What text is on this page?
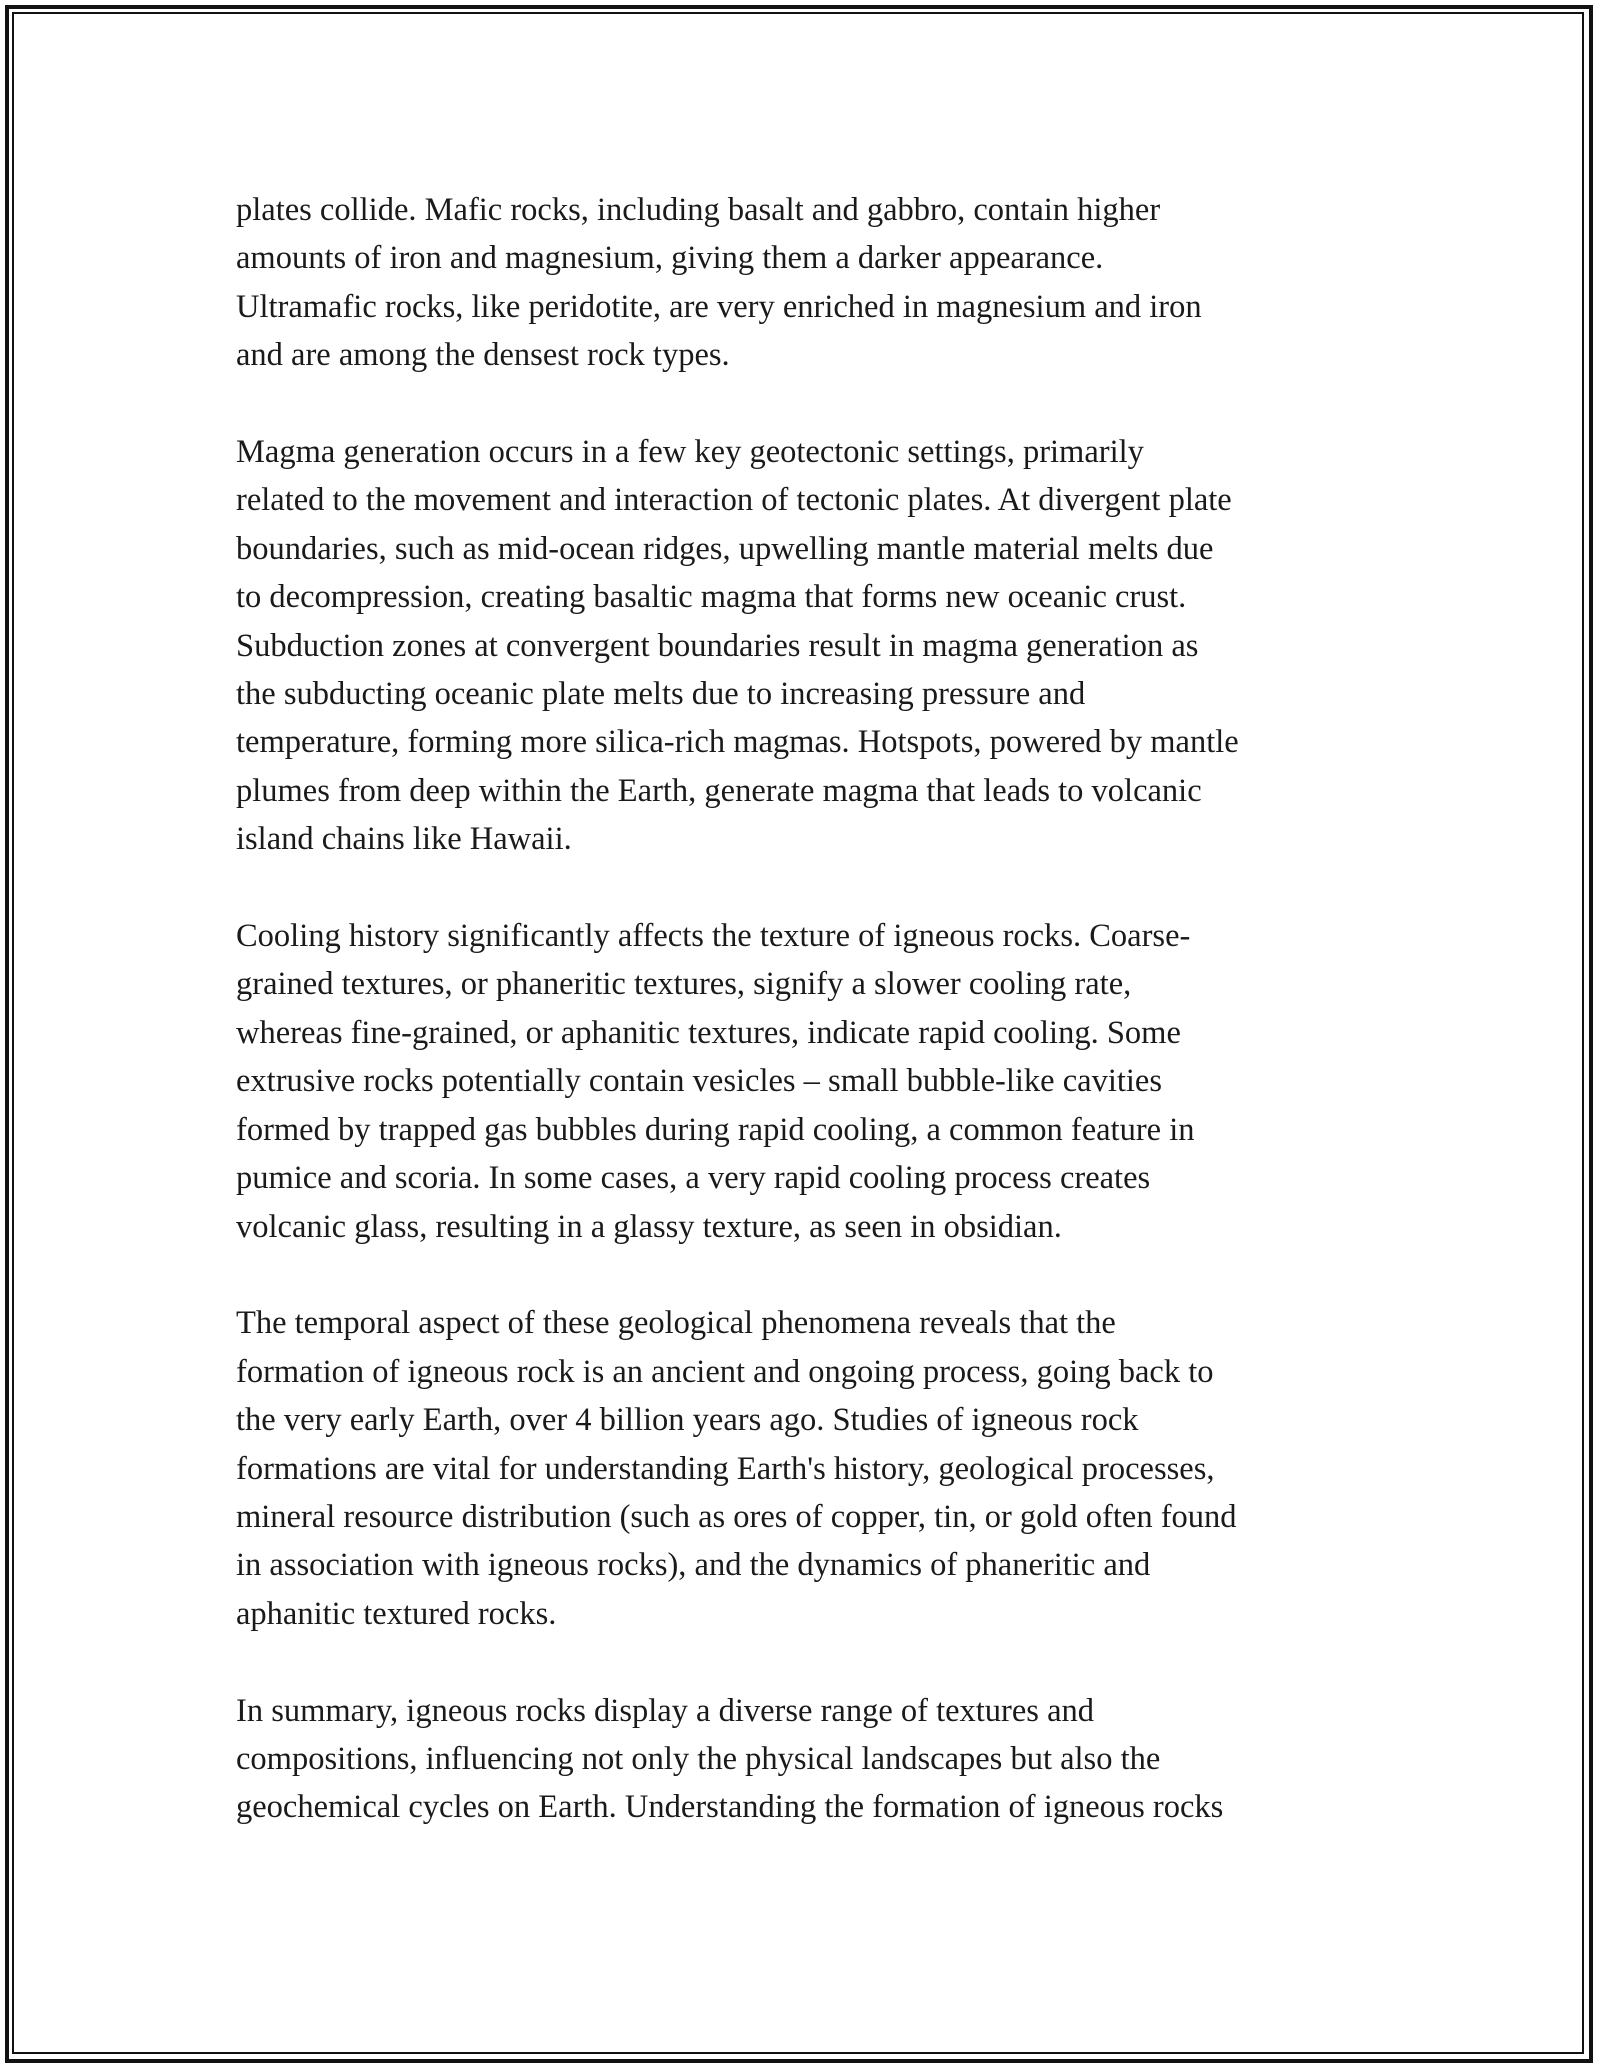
plates collide. Mafic rocks, including basalt and gabbro, contain higher
amounts of iron and magnesium, giving them a darker appearance.
Ultramafic rocks, like peridotite, are very enriched in magnesium and iron
and are among the densest rock types.

Magma generation occurs in a few key geotectonic settings, primarily
related to the movement and interaction of tectonic plates. At divergent plate
boundaries, such as mid-ocean ridges, upwelling mantle material melts due
to decompression, creating basaltic magma that forms new oceanic crust.
Subduction zones at convergent boundaries result in magma generation as
the subducting oceanic plate melts due to increasing pressure and
temperature, forming more silica-rich magmas. Hotspots, powered by mantle
plumes from deep within the Earth, generate magma that leads to volcanic
island chains like Hawaii.

Cooling history significantly affects the texture of igneous rocks. Coarse-
grained textures, or phaneritic textures, signify a slower cooling rate,
whereas fine-grained, or aphanitic textures, indicate rapid cooling. Some
extrusive rocks potentially contain vesicles – small bubble-like cavities
formed by trapped gas bubbles during rapid cooling, a common feature in
pumice and scoria. In some cases, a very rapid cooling process creates
volcanic glass, resulting in a glassy texture, as seen in obsidian.

The temporal aspect of these geological phenomena reveals that the
formation of igneous rock is an ancient and ongoing process, going back to
the very early Earth, over 4 billion years ago. Studies of igneous rock
formations are vital for understanding Earth's history, geological processes,
mineral resource distribution (such as ores of copper, tin, or gold often found
in association with igneous rocks), and the dynamics of phaneritic and
aphanitic textured rocks.

In summary, igneous rocks display a diverse range of textures and
compositions, influencing not only the physical landscapes but also the
geochemical cycles on Earth. Understanding the formation of igneous rocks
